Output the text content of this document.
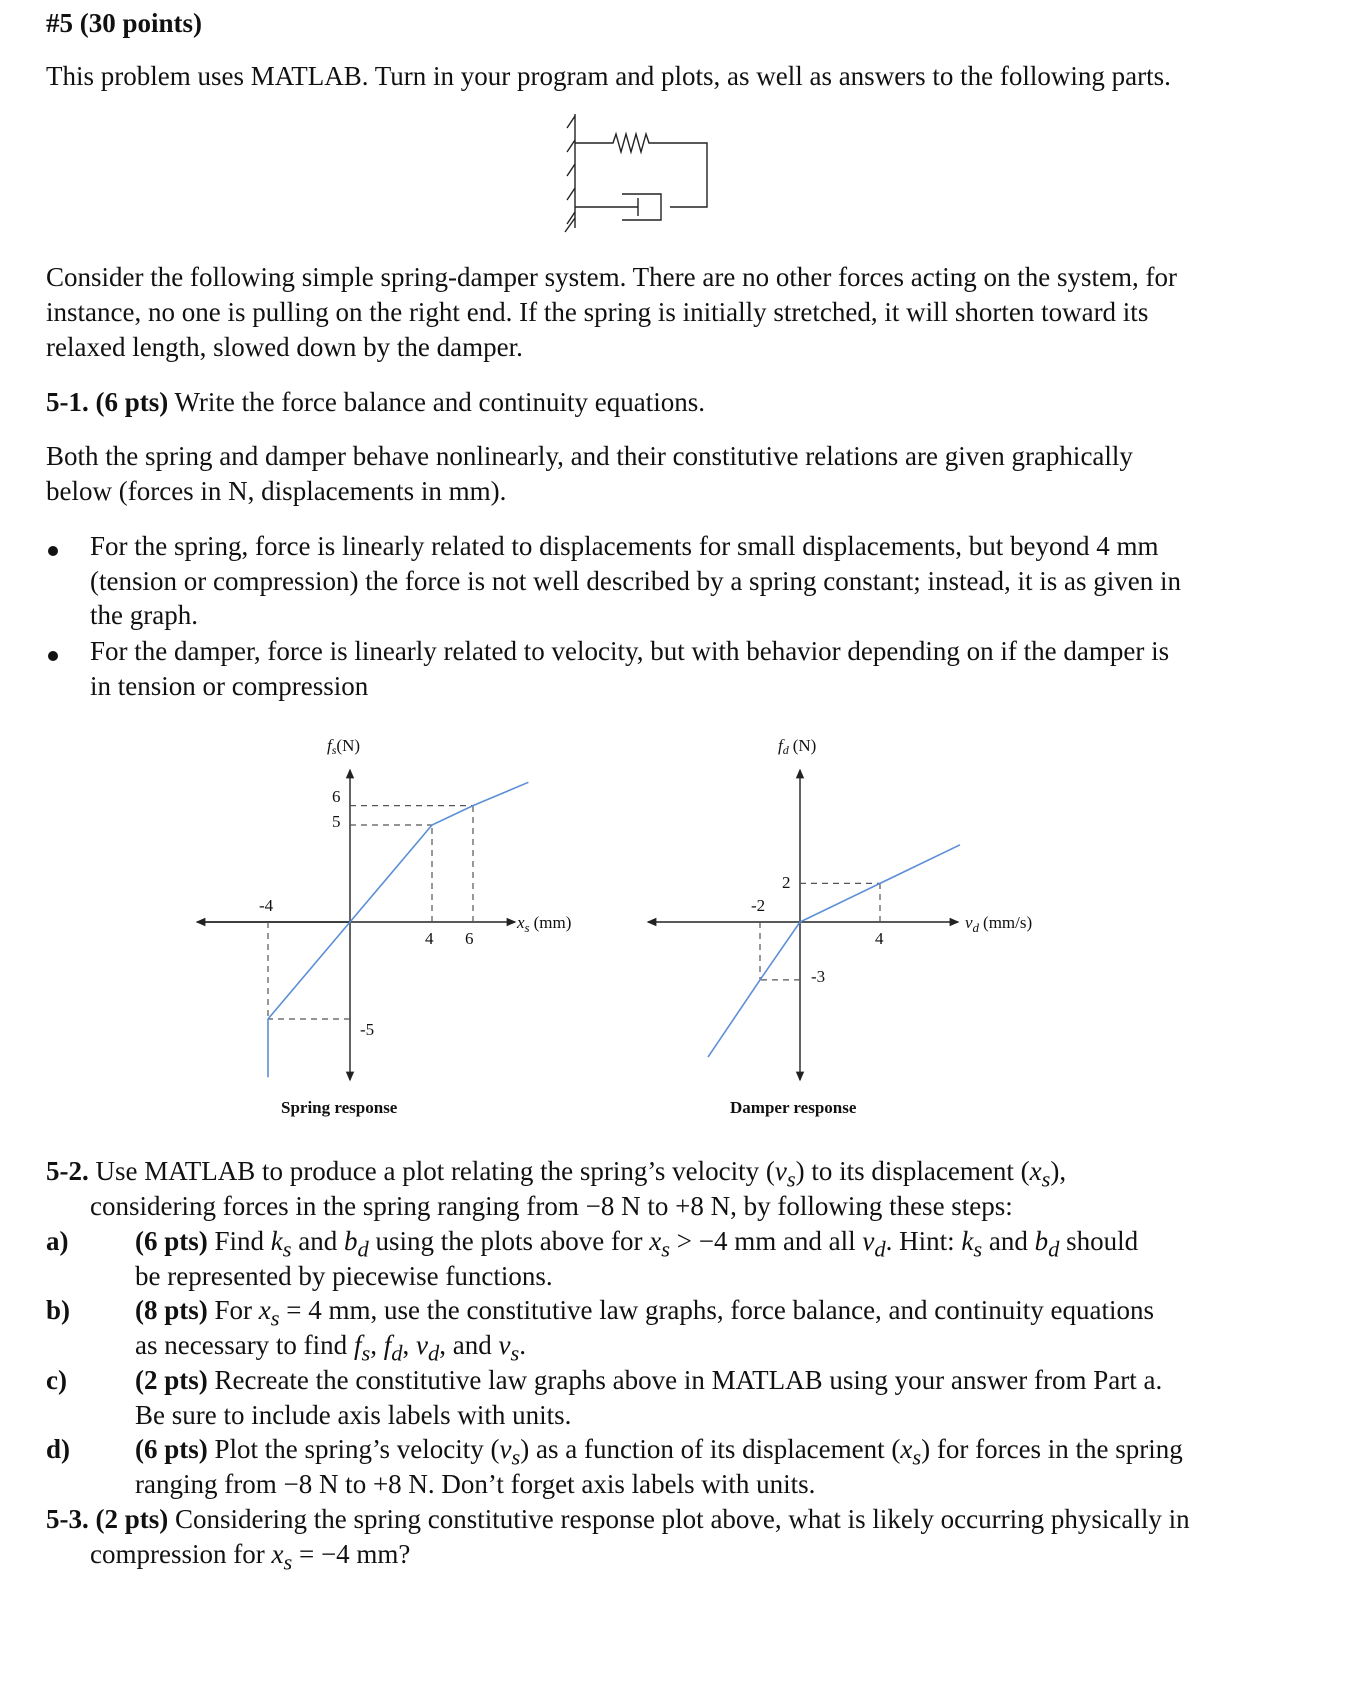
#5 (30 points)
This problem uses MATLAB. Turn in your program and plots, as well as answers to the following parts.
Consider the following simple spring-damper system. There are no other forces acting on the system, for
instance, no one is pulling on the right end. If the spring is initially stretched, it will shorten toward its
relaxed length, slowed down by the damper.
5-1. (6 pts) Write the force balance and continuity equations.
Both the spring and damper behave nonlinearly, and their constitutive relations are given graphically
below (forces in N, displacements in mm).
For the spring, force is linearly related to displacements for small displacements, but beyond 4 mm
(tension or compression) the force is not well described by a spring constant; instead, it is as given in
the graph.
For the damper, force is linearly related to velocity, but with behavior depending on if the damper is
in tension or compression
fs(N)
$x_s$ (mm)
6
5
-5
4 6
-4
Spring response
fd (N)
$v_d$ (mm/s)
2
-3
4
-2
Damper response
5-2. Use MATLAB to produce a plot relating the spring’s velocity $(v_s)$ to its displacement $(x_s)$,
considering forces in the spring ranging from −8 N to +8 N, by following these steps:
a) (6 pts) Find $k_s$ and $b_d$ using the plots above for $x_s > -4$ mm and all $v_d$. Hint: $k_s$ and $b_d$ should
be represented by piecewise functions.
b) (8 pts) For $x_s = 4$ mm, use the constitutive law graphs, force balance, and continuity equations
as necessary to find $f_s$, $f_d$, $v_d$, and $v_s$.
c)	(2 pts) Recreate the constitutive law graphs above in MATLAB using your answer from Part a.
Be sure to include axis labels with units.
d) (6 pts) Plot the spring’s velocity $(v_s)$ as a function of its displacement $(x_s)$ for forces in the spring
ranging from −8 N to +8 N. Don’t forget axis labels with units.
5-3. (2 pts) Considering the spring constitutive response plot above, what is likely occurring physically in
compression for $x_s = -4$ mm?
